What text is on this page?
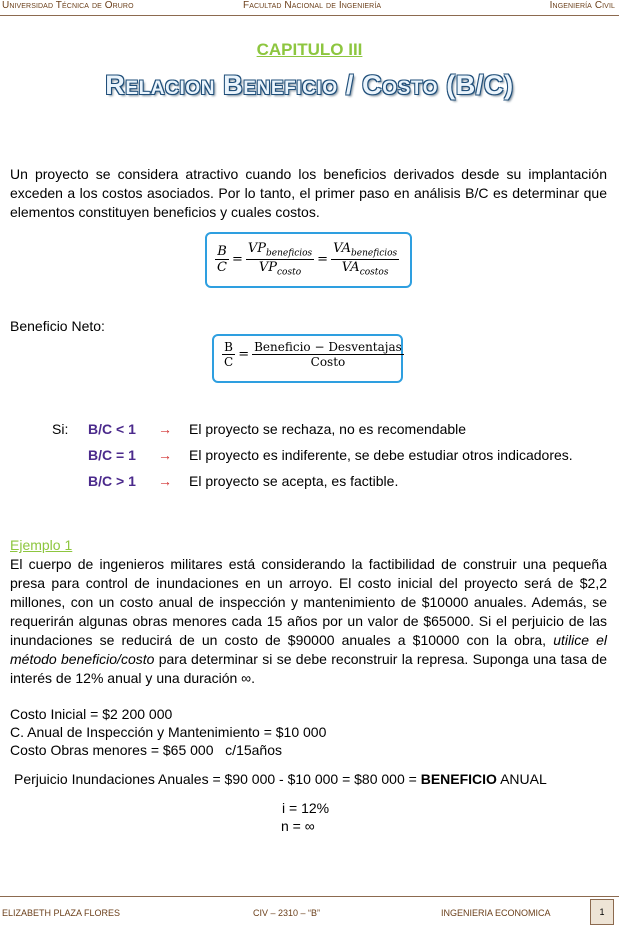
Universidad Técnica de Oruro	Facultad Nacional de Ingeniería	Ingeniería Civil
CAPITULO III
Relacion Beneficio / Costo (B/C)
Un proyecto se considera atractivo cuando los beneficios derivados desde su implantación exceden a los costos asociados. Por lo tanto, el primer paso en análisis B/C es determinar que elementos constituyen beneficios y cuales costos.
$\frac{B}{C} = \frac{VP_{beneficios}}{VP_{costo}} = \frac{VA_{beneficios}}{VA_{costos}}$
Beneficio Neto:
$\frac{B}{C} = \frac{\text{Beneficio − Desventajas}}{\text{Costo}}$
Si: B/C < 1 → El proyecto se rechaza, no es recomendable
B/C = 1 → El proyecto es indiferente, se debe estudiar otros indicadores.
B/C > 1 → El proyecto se acepta, es factible.
Ejemplo 1
El cuerpo de ingenieros militares está considerando la factibilidad de construir una pequeña presa para control de inundaciones en un arroyo. El costo inicial del proyecto será de $2,2 millones, con un costo anual de inspección y mantenimiento de $10000 anuales. Además, se requerirán algunas obras menores cada 15 años por un valor de $65000. Si el perjuicio de las inundaciones se reducirá de un costo de $90000 anuales a $10000 con la obra, utilice el método beneficio/costo para determinar si se debe reconstruir la represa. Suponga una tasa de interés de 12% anual y una duración ∞.
Costo Inicial = $2 200 000
C. Anual de Inspección y Mantenimiento = $10 000
Costo Obras menores = $65 000   c/15años
Perjuicio Inundaciones Anuales = $90 000 - $10 000 = $80 000 = BENEFICIO ANUAL
i = 12%
n = ∞
ELIZABETH PLAZA FLORES	CIV – 2310 – “B”	INGENIERIA ECONOMICA	1
